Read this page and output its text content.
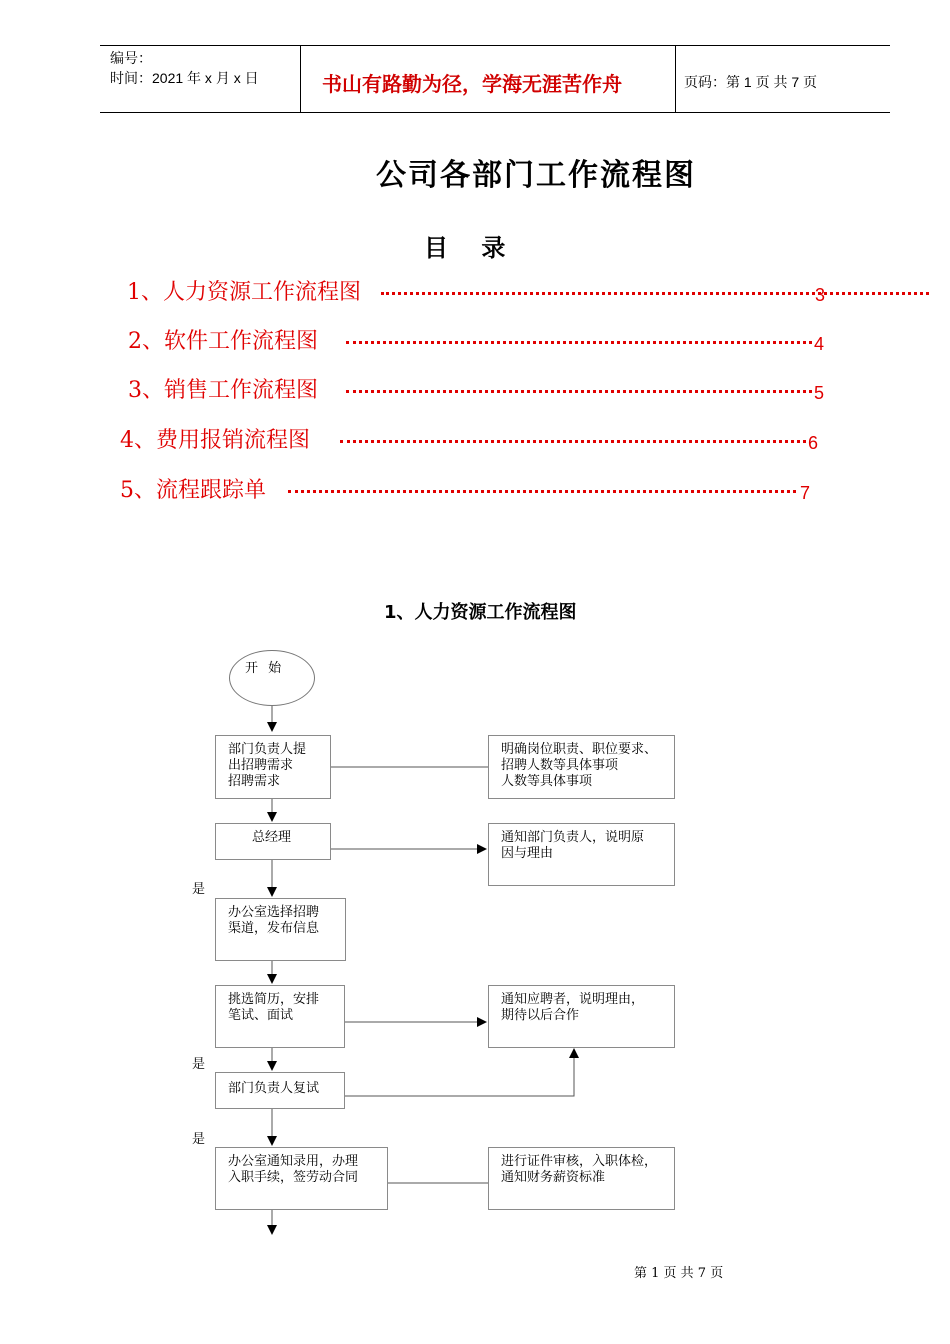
编号：
时间：2021 年 x 月 x 日	书山有路勤为径，学海无涯苦作舟	页码：第 1 页 共 7 页
公司各部门工作流程图
目    录
1、人力资源工作流程图	3
2、软件工作流程图	4
3、销售工作流程图	5
4、费用报销流程图	6
5、流程跟踪单	7
1、人力资源工作流程图
开 始
部门负责人提
出招聘需求
招聘需求
总经理
办公室选择招聘
渠道，发布信息
挑选简历，安排
笔试、面试
部门负责人复试
办公室通知录用，办理
入职手续，签劳动合同
明确岗位职责、职位要求、
招聘人数等具体事项
人数等具体事项
通知部门负责人，说明原
因与理由
通知应聘者，说明理由，
期待以后合作
进行证件审核，入职体检，
通知财务薪资标准
是
是
是
第 1 页 共 7 页
